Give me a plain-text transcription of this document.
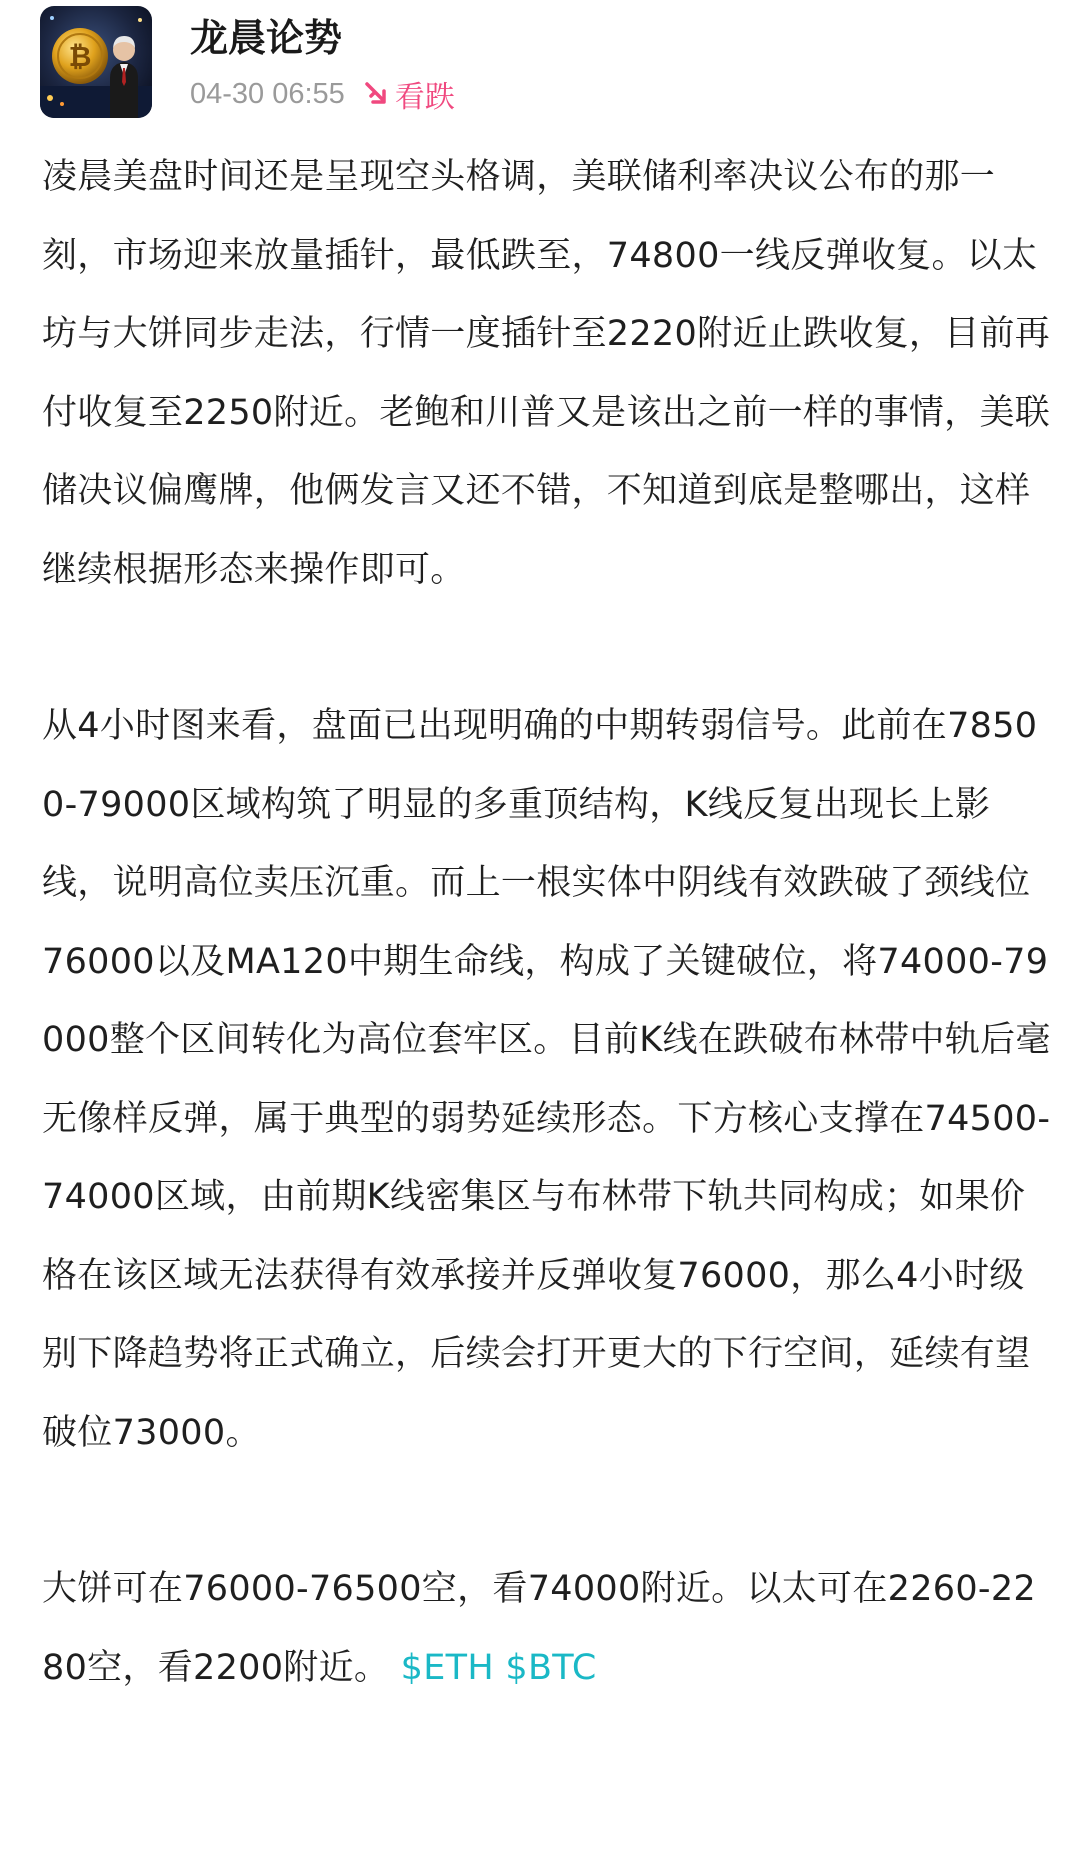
₿	龙晨论势
04-30 06:55 看跌

凌晨美盘时间还是呈现空头格调，美联储利率决议公布的那一刻，市场迎来放量插针，最低跌至，74800一线反弹收复。以太坊与大饼同步走法，行情一度插针至2220附近止跌收复，目前再付收复至2250附近。老鲍和川普又是该出之前一样的事情，美联储决议偏鹰牌，他俩发言又还不错，不知道到底是整哪出，这样继续根据形态来操作即可。

从4小时图来看，盘面已出现明确的中期转弱信号。此前在78500-79000区域构筑了明显的多重顶结构，K线反复出现长上影线，说明高位卖压沉重。而上一根实体中阴线有效跌破了颈线位76000以及MA120中期生命线，构成了关键破位，将74000-79000整个区间转化为高位套牢区。目前K线在跌破布林带中轨后毫无像样反弹，属于典型的弱势延续形态。下方核心支撑在74500-74000区域，由前期K线密集区与布林带下轨共同构成；如果价格在该区域无法获得有效承接并反弹收复76000，那么4小时级别下降趋势将正式确立，后续会打开更大的下行空间，延续有望破位73000。

大饼可在76000-76500空，看74000附近。以太可在2260-2280空，看2200附近。 $ETH $BTC
